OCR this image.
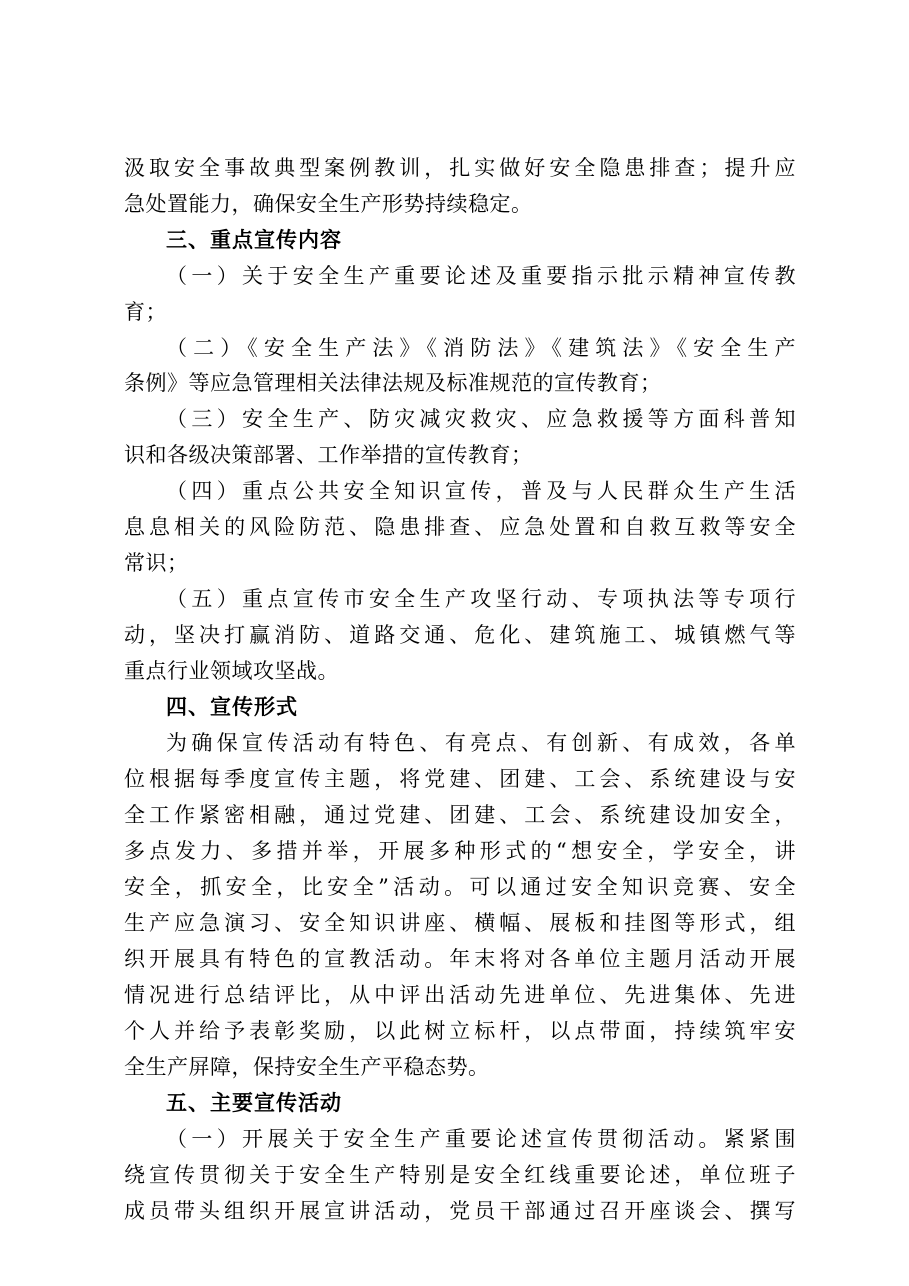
汲取安全事故典型案例教训，扎实做好安全隐患排查；提升应
急处置能力，确保安全生产形势持续稳定。
三、重点宣传内容
（一）关于安全生产重要论述及重要指示批示精神宣传教
育；
（二）《安全生产法》《消防法》《建筑法》《安全生产
条例》等应急管理相关法律法规及标准规范的宣传教育；
（三）安全生产、防灾减灾救灾、应急救援等方面科普知
识和各级决策部署、工作举措的宣传教育；
（四）重点公共安全知识宣传，普及与人民群众生产生活
息息相关的风险防范、隐患排查、应急处置和自救互救等安全
常识；
（五）重点宣传市安全生产攻坚行动、专项执法等专项行
动，坚决打赢消防、道路交通、危化、建筑施工、城镇燃气等
重点行业领域攻坚战。
四、宣传形式
为确保宣传活动有特色、有亮点、有创新、有成效，各单
位根据每季度宣传主题，将党建、团建、工会、系统建设与安
全工作紧密相融，通过党建、团建、工会、系统建设加安全，
多点发力、多措并举，开展多种形式的“想安全，学安全，讲
安全，抓安全，比安全”活动。可以通过安全知识竞赛、安全
生产应急演习、安全知识讲座、横幅、展板和挂图等形式，组
织开展具有特色的宣教活动。年末将对各单位主题月活动开展
情况进行总结评比，从中评出活动先进单位、先进集体、先进
个人并给予表彰奖励，以此树立标杆，以点带面，持续筑牢安
全生产屏障，保持安全生产平稳态势。
五、主要宣传活动
（一）开展关于安全生产重要论述宣传贯彻活动。紧紧围
绕宣传贯彻关于安全生产特别是安全红线重要论述，单位班子
成员带头组织开展宣讲活动，党员干部通过召开座谈会、撰写
